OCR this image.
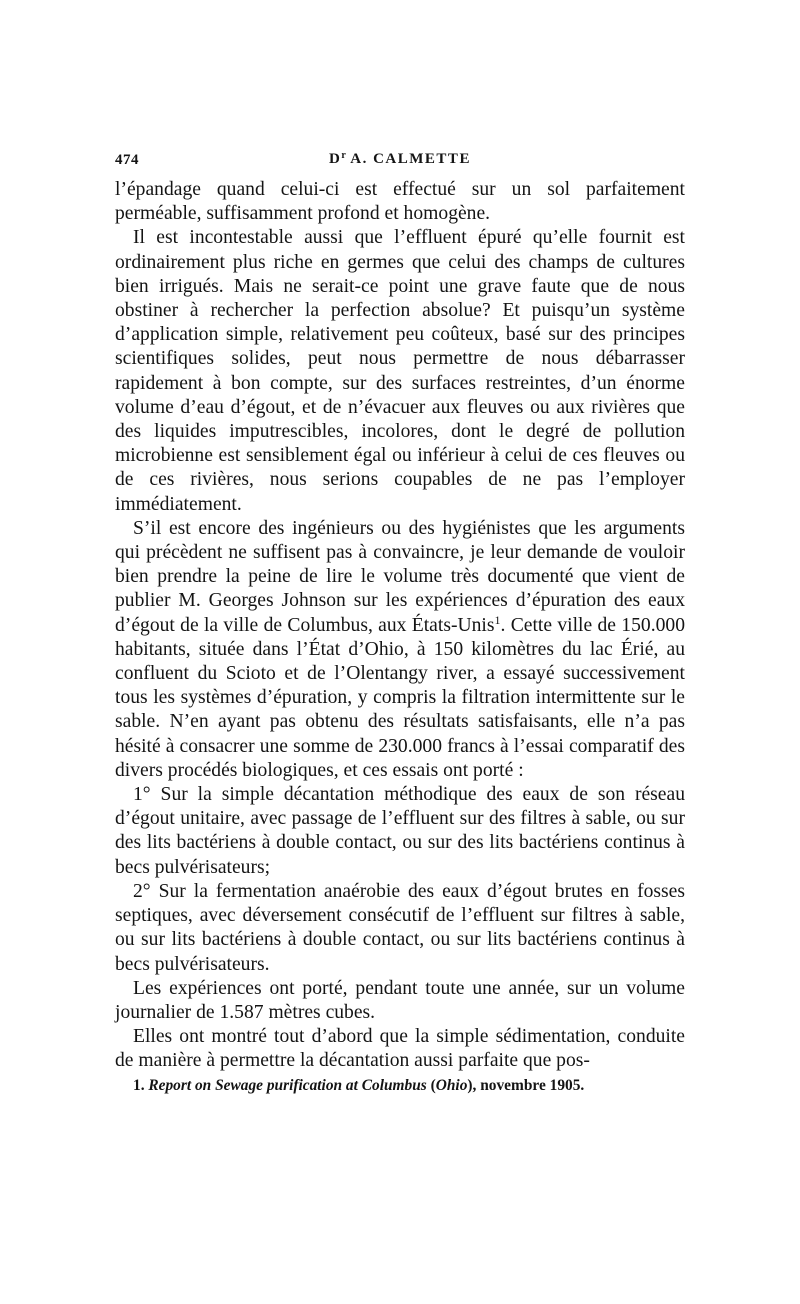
474	$D^r$ A. CALMETTE

l’épandage quand celui-ci est effectué sur un sol parfaitement perméable, suffisamment profond et homogène.

Il est incontestable aussi que l’effluent épuré qu’elle fournit est ordinairement plus riche en germes que celui des champs de cultures bien irrigués. Mais ne serait-ce point une grave faute que de nous obstiner à rechercher la perfection absolue? Et puisqu’un système d’application simple, relativement peu coûteux, basé sur des principes scientifiques solides, peut nous permettre de nous débarrasser rapidement à bon compte, sur des surfaces restreintes, d’un énorme volume d’eau d’égout, et de n’évacuer aux fleuves ou aux rivières que des liquides imputrescibles, incolores, dont le degré de pollution microbienne est sensiblement égal ou inférieur à celui de ces fleuves ou de ces rivières, nous serions coupables de ne pas l’employer immédiatement.

S’il est encore des ingénieurs ou des hygiénistes que les arguments qui précèdent ne suffisent pas à convaincre, je leur demande de vouloir bien prendre la peine de lire le volume très documenté que vient de publier M. Georges Johnson sur les expériences d’épuration des eaux d’égout de la ville de Columbus, aux États-Unis$^1$. Cette ville de 150.000 habitants, située dans l’État d’Ohio, à 150 kilomètres du lac Érié, au confluent du Scioto et de l’Olentangy river, a essayé successivement tous les systèmes d’épuration, y compris la filtration intermittente sur le sable. N’en ayant pas obtenu des résultats satisfaisants, elle n’a pas hésité à consacrer une somme de 230.000 francs à l’essai comparatif des divers procédés biologiques, et ces essais ont porté :

1° Sur la simple décantation méthodique des eaux de son réseau d’égout unitaire, avec passage de l’effluent sur des filtres à sable, ou sur des lits bactériens à double contact, ou sur des lits bactériens continus à becs pulvérisateurs;

2° Sur la fermentation anaérobie des eaux d’égout brutes en fosses septiques, avec déversement consécutif de l’effluent sur filtres à sable, ou sur lits bactériens à double contact, ou sur lits bactériens continus à becs pulvérisateurs.

Les expériences ont porté, pendant toute une année, sur un volume journalier de 1.587 mètres cubes.

Elles ont montré tout d’abord que la simple sédimentation, conduite de manière à permettre la décantation aussi parfaite que pos-

1. Report on Sewage purification at Columbus (Ohio), novembre 1905.
